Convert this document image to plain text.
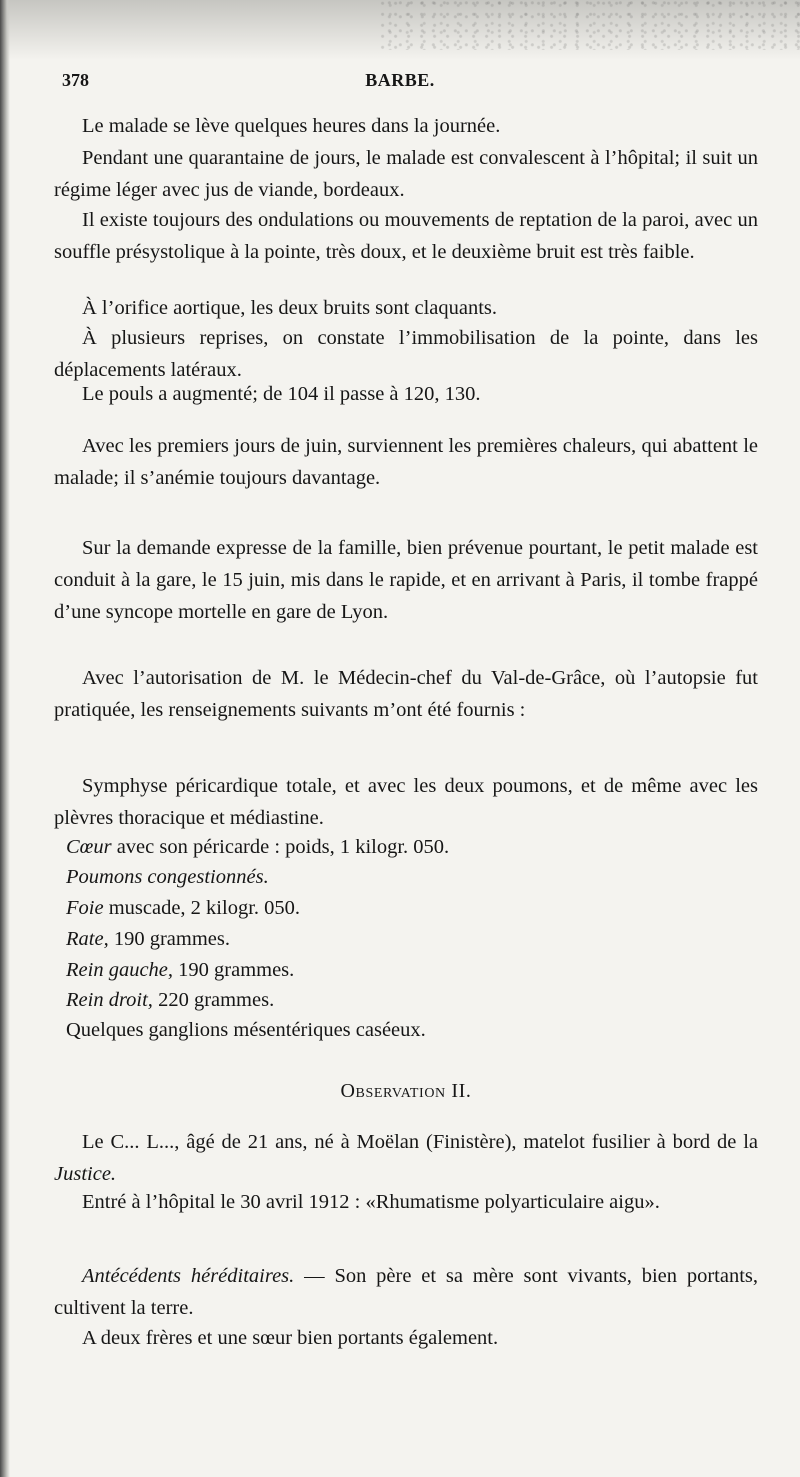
378	BARBE.

Le malade se lève quelques heures dans la journée.

Pendant une quarantaine de jours, le malade est convalescent à l’hôpital; il suit un régime léger avec jus de viande, bordeaux.

Il existe toujours des ondulations ou mouvements de reptation de la paroi, avec un souffle présystolique à la pointe, très doux, et le deuxième bruit est très faible.

À l’orifice aortique, les deux bruits sont claquants.

À plusieurs reprises, on constate l’immobilisation de la pointe, dans les déplacements latéraux.

Le pouls a augmenté; de 104 il passe à 120, 130.

Avec les premiers jours de juin, surviennent les premières chaleurs, qui abattent le malade; il s’anémie toujours davantage.

Sur la demande expresse de la famille, bien prévenue pourtant, le petit malade est conduit à la gare, le 15 juin, mis dans le rapide, et en arrivant à Paris, il tombe frappé d’une syncope mortelle en gare de Lyon.

Avec l’autorisation de M. le Médecin-chef du Val-de-Grâce, où l’autopsie fut pratiquée, les renseignements suivants m’ont été fournis :

Symphyse péricardique totale, et avec les deux poumons, et de même avec les plèvres thoracique et médiastine.

Cœur avec son péricarde : poids, 1 kilogr. 050.

Poumons congestionnés.

Foie muscade, 2 kilogr. 050.

Rate, 190 grammes.

Rein gauche, 190 grammes.

Rein droit, 220 grammes.

Quelques ganglions mésentériques caséeux.

Observation II.

Le C... L..., âgé de 21 ans, né à Moëlan (Finistère), matelot fusilier à bord de la Justice.

Entré à l’hôpital le 30 avril 1912 : «Rhumatisme polyarticulaire aigu».

Antécédents héréditaires. — Son père et sa mère sont vivants, bien portants, cultivent la terre.

A deux frères et une sœur bien portants également.
